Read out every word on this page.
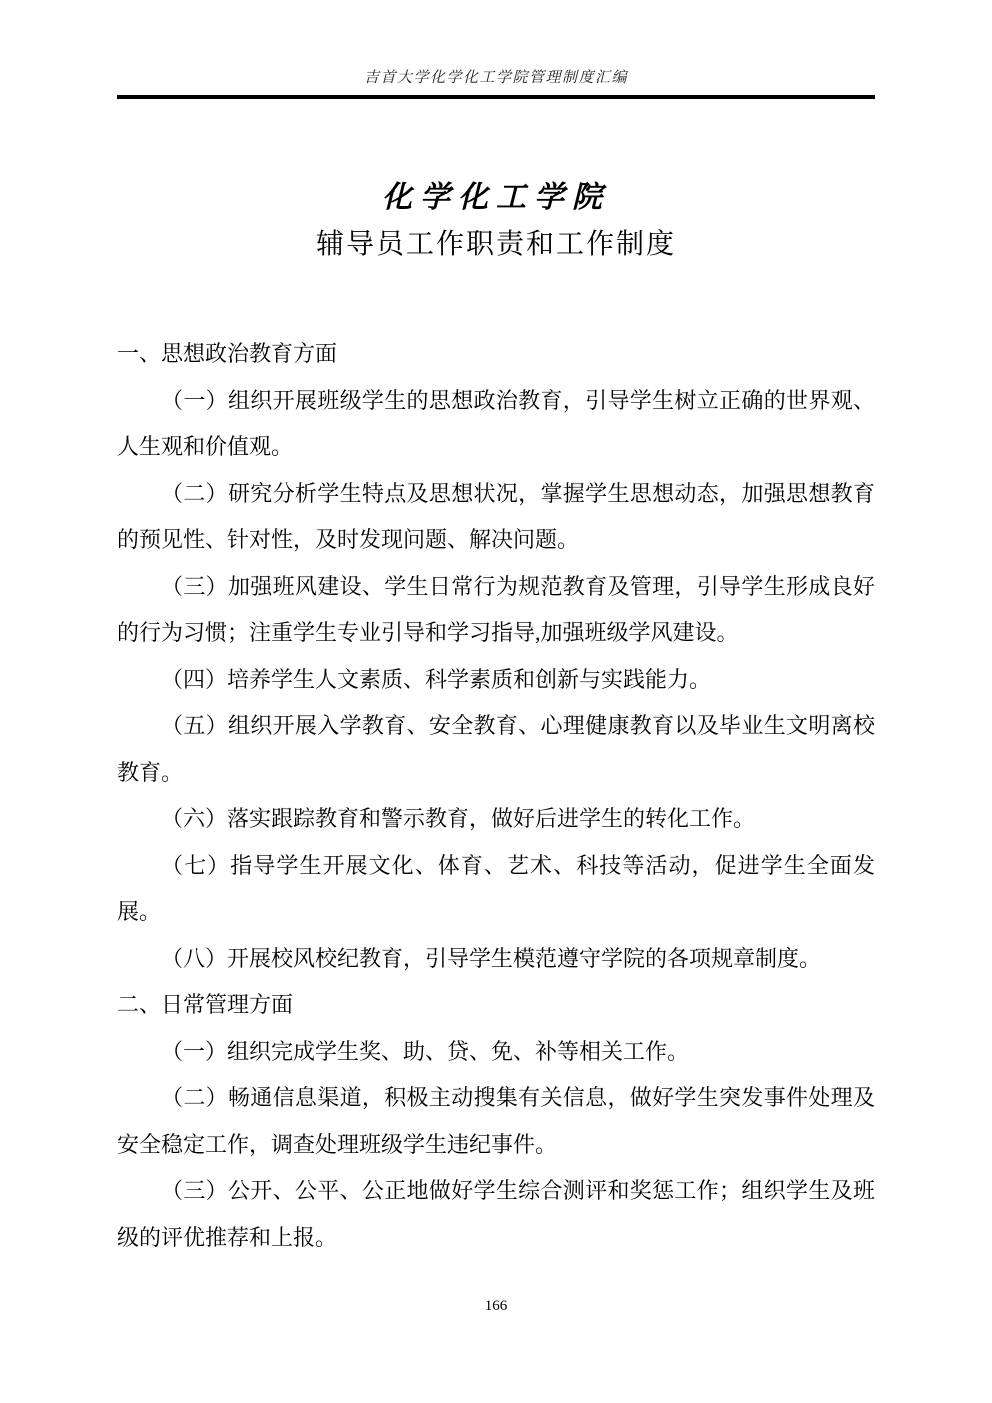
吉首大学化学化工学院管理制度汇编
化学化工学院
辅导员工作职责和工作制度

一、思想政治教育方面

（一）组织开展班级学生的思想政治教育，引导学生树立正确的世界观、人生观和价值观。

（二）研究分析学生特点及思想状况，掌握学生思想动态，加强思想教育的预见性、针对性，及时发现问题、解决问题。

（三）加强班风建设、学生日常行为规范教育及管理，引导学生形成良好的行为习惯；注重学生专业引导和学习指导,加强班级学风建设。

（四）培养学生人文素质、科学素质和创新与实践能力。

（五）组织开展入学教育、安全教育、心理健康教育以及毕业生文明离校教育。

（六）落实跟踪教育和警示教育，做好后进学生的转化工作。

（七）指导学生开展文化、体育、艺术、科技等活动，促进学生全面发展。

（八）开展校风校纪教育，引导学生模范遵守学院的各项规章制度。

二、日常管理方面

（一）组织完成学生奖、助、贷、免、补等相关工作。

（二）畅通信息渠道，积极主动搜集有关信息，做好学生突发事件处理及安全稳定工作，调查处理班级学生违纪事件。

（三）公开、公平、公正地做好学生综合测评和奖惩工作；组织学生及班级的评优推荐和上报。

166
